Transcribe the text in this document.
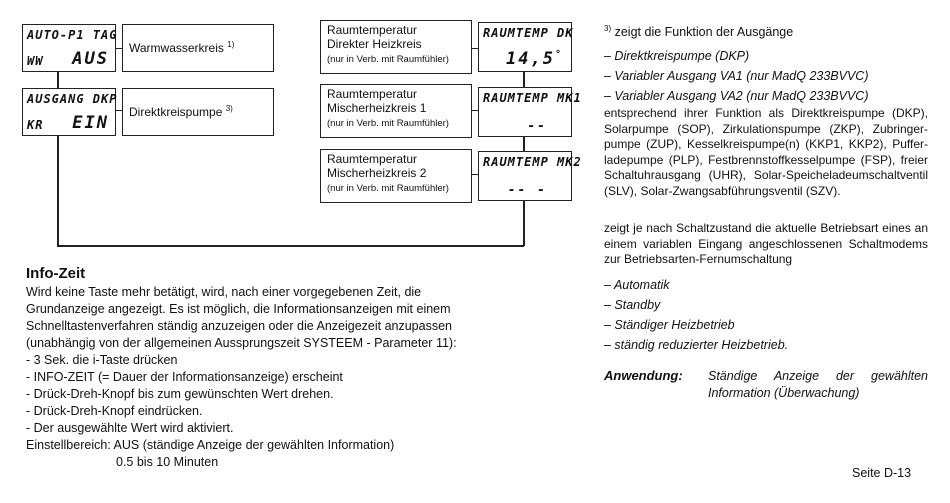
AUTO-P1 TAG
WW AUS
AUSGANG DKP
KR EIN
Warmwasserkreis $^{1)}$
Direktkreispumpe $^{3)}$
Raumtemperatur
Direkter Heizkreis
(nur in Verb. mit Raumfühler)
Raumtemperatur
Mischerheizkreis 1
(nur in Verb. mit Raumfühler)
Raumtemperatur
Mischerheizkreis 2
(nur in Verb. mit Raumfühler)
RAUMTEMP DK
14,5°
RAUMTEMP MK1
--
RAUMTEMP MK2
-- -
Info-Zeit
Wird keine Taste mehr betätigt, wird, nach einer vorgegebenen Zeit, die
Grundanzeige angezeigt. Es ist möglich, die Informationsanzeigen mit einem
Schnelltastenverfahren ständig anzuzeigen oder die Anzeigezeit anzupassen
(unabhängig von der allgemeinen Aussprungszeit SYSTEEM - Parameter 11):
- 3 Sek. die i-Taste drücken
- INFO-ZEIT (= Dauer der Informationsanzeige) erscheint
- Drück-Dreh-Knopf bis zum gewünschten Wert drehen.
- Drück-Dreh-Knopf eindrücken.
- Der ausgewählte Wert wird aktiviert.
Einstellbereich: AUS (ständige Anzeige der gewählten Information)
0.5 bis 10 Minuten
$^{3)}$ zeigt die Funktion der Ausgänge
– Direktkreispumpe (DKP)
– Variabler Ausgang VA1 (nur MadQ 233BVVC)
– Variabler Ausgang VA2 (nur MadQ 233BVVC)
entsprechend ihrer Funktion als Direktkreispumpe (DKP), Solarpumpe (SOP), Zirkulationspumpe (ZKP), Zubringer-pumpe (ZUP), Kesselkreispumpe(n) (KKP1, KKP2), Puffer-ladepumpe (PLP), Festbrennstoffkesselpumpe (FSP), freier Schaltuhrausgang (UHR), Solar-Speicheladeumschaltventil (SLV), Solar-Zwangsabführungsventil (SZV).
zeigt je nach Schaltzustand die aktuelle Betriebsart eines an einem variablen Eingang angeschlossenen Schaltmodems zur Betriebsarten-Fernumschaltung
– Automatik
– Standby
– Ständiger Heizbetrieb
– ständig reduzierter Heizbetrieb.
Anwendung: Ständige Anzeige der gewählten
Information (Überwachung)
Seite D-13
